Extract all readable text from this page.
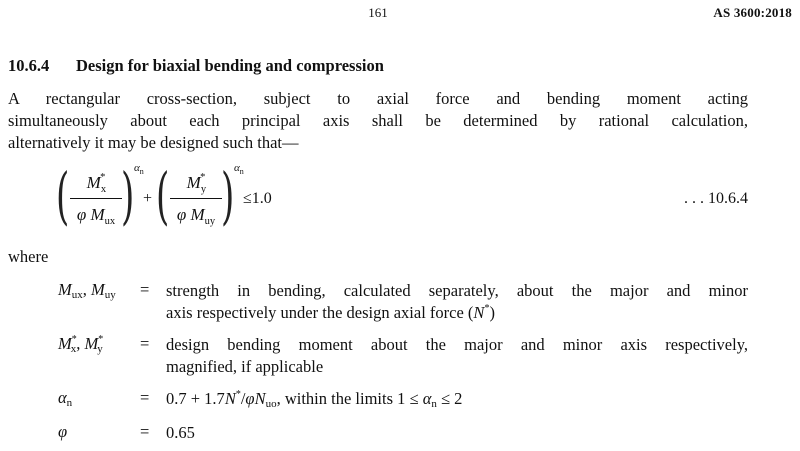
161	AS 3600:2018
10.6.4 Design for biaxial bending and compression
A rectangular cross-section, subject to axial force and bending moment acting
simultaneously about each principal axis shall be determined by rational calculation,
alternatively it may be designed such that—
(	$M_x^*$
φ $M_{ux}$ ) $\alpha_n$
+ (	$M_y^*$
φ $M_{uy}$ ) $\alpha_n$
≤1.0	. . . 10.6.4
where
Mux, Muy = strength in bending, calculated separately, about the major and minor
axis respectively under the design axial force (N*)
M*x, M*y = design bending moment about the major and minor axis respectively,
magnified, if applicable
αn	= 0.7 + 1.7N*/φNuo, within the limits 1 ≤ αn ≤ 2
φ	= 0.65
